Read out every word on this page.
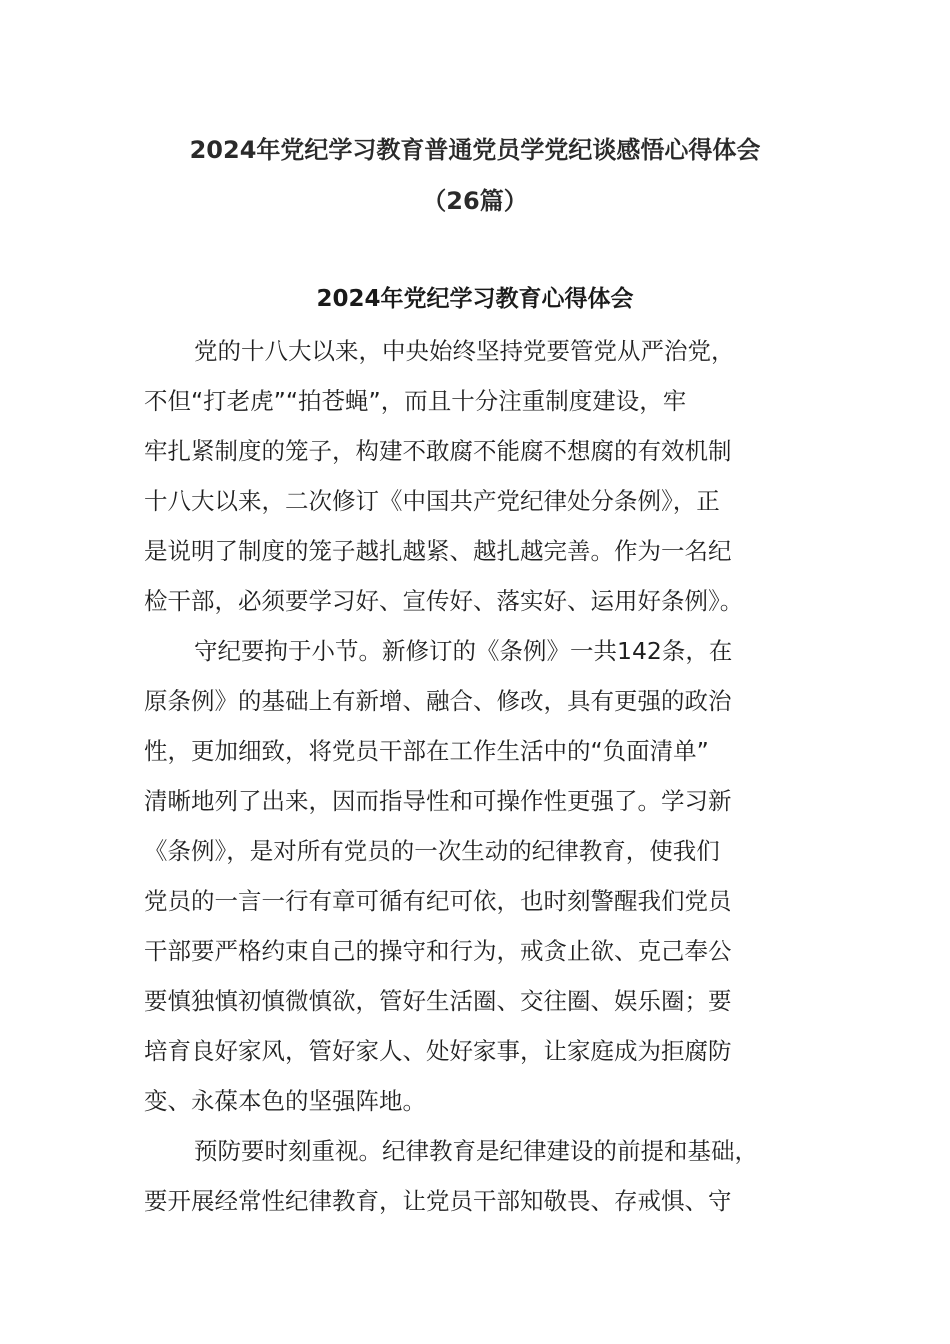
2024年党纪学习教育普通党员学党纪谈感悟心得体会
（26篇）
2024年党纪学习教育心得体会

党的十八大以来，中央始终坚持党要管党从严治党，

不但“打老虎”“拍苍蝇”，而且十分注重制度建设，牢

牢扎紧制度的笼子，构建不敢腐不能腐不想腐的有效机制

十八大以来，二次修订《中国共产党纪律处分条例》，正

是说明了制度的笼子越扎越紧、越扎越完善。作为一名纪

检干部，必须要学习好、宣传好、落实好、运用好条例》。

守纪要拘于小节。新修订的《条例》一共142条，在

原条例》的基础上有新增、融合、修改，具有更强的政治

性，更加细致，将党员干部在工作生活中的“负面清单”

清晰地列了出来，因而指导性和可操作性更强了。学习新

《条例》，是对所有党员的一次生动的纪律教育，使我们

党员的一言一行有章可循有纪可依，也时刻警醒我们党员

干部要严格约束自己的操守和行为，戒贪止欲、克己奉公

要慎独慎初慎微慎欲，管好生活圈、交往圈、娱乐圈；要

培育良好家风，管好家人、处好家事，让家庭成为拒腐防

变、永葆本色的坚强阵地。

预防要时刻重视。纪律教育是纪律建设的前提和基础，

要开展经常性纪律教育，让党员干部知敬畏、存戒惧、守
